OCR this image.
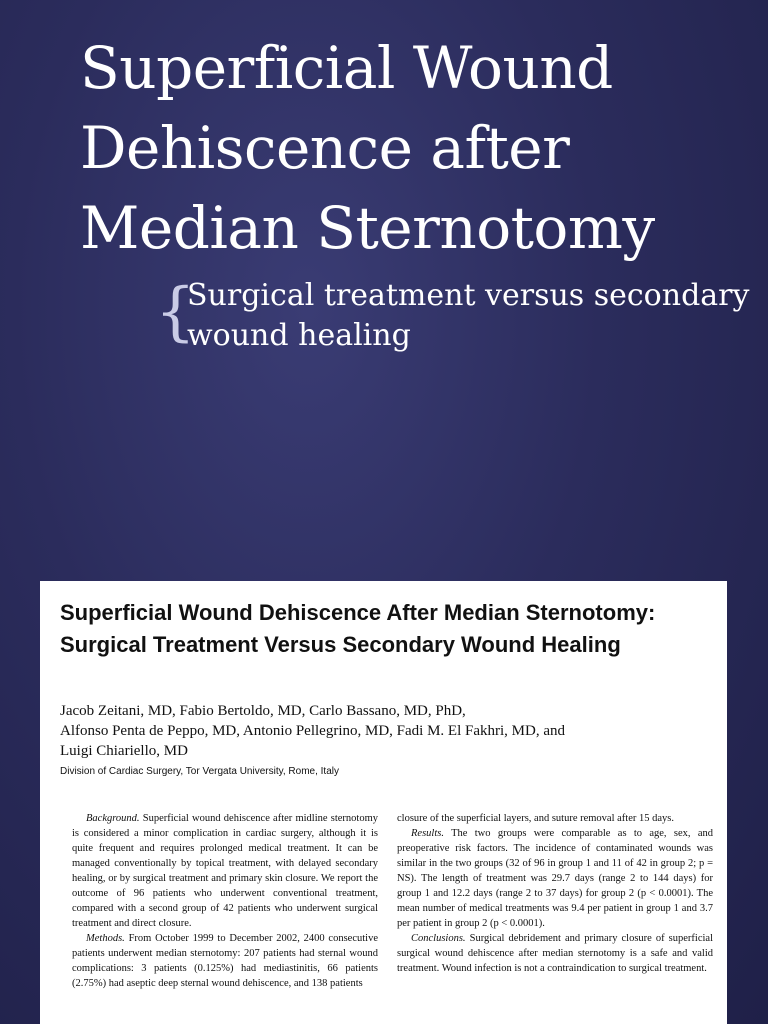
Superficial Wound Dehiscence after Median Sternotomy
{

Surgical treatment versus secondary wound healing

Superficial Wound Dehiscence After Median Sternotomy: Surgical Treatment Versus Secondary Wound Healing
Jacob Zeitani, MD, Fabio Bertoldo, MD, Carlo Bassano, MD, PhD,
Alfonso Penta de Peppo, MD, Antonio Pellegrino, MD, Fadi M. El Fakhri, MD, and
Luigi Chiariello, MD
Division of Cardiac Surgery, Tor Vergata University, Rome, Italy

Background. Superficial wound dehiscence after midline sternotomy is considered a minor complication in cardiac surgery, although it is quite frequent and requires prolonged medical treatment. It can be managed conventionally by topical treatment, with delayed secondary healing, or by surgical treatment and primary skin closure. We report the outcome of 96 patients who underwent conventional treatment, compared with a second group of 42 patients who underwent surgical treatment and direct closure.

Methods. From October 1999 to December 2002, 2400 consecutive patients underwent median sternotomy: 207 patients had sternal wound complications: 3 patients (0.125%) had mediastinitis, 66 patients (2.75%) had aseptic deep sternal wound dehiscence, and 138 patients

closure of the superficial layers, and suture removal after 15 days.

Results. The two groups were comparable as to age, sex, and preoperative risk factors. The incidence of contaminated wounds was similar in the two groups (32 of 96 in group 1 and 11 of 42 in group 2; p = NS). The length of treatment was 29.7 days (range 2 to 144 days) for group 1 and 12.2 days (range 2 to 37 days) for group 2 (p < 0.0001). The mean number of medical treatments was 9.4 per patient in group 1 and 3.7 per patient in group 2 (p < 0.0001).

Conclusions. Surgical debridement and primary closure of superficial surgical wound dehiscence after median sternotomy is a safe and valid treatment. Wound infection is not a contraindication to surgical treatment.
